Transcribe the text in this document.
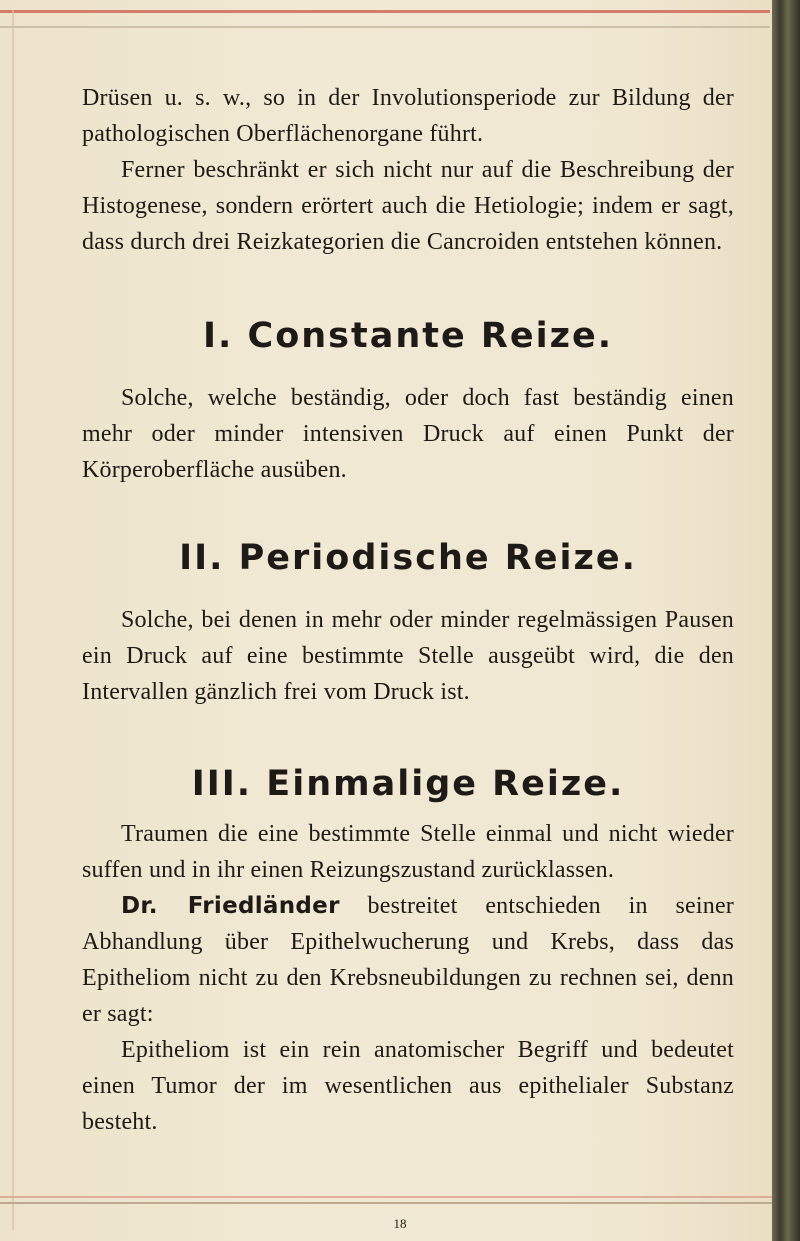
Drüsen u. s. w., so in der Involutionsperiode zur Bildung der pathologischen Oberflächenorgane führt.

Ferner beschränkt er sich nicht nur auf die Beschreibung der Histogenese, sondern erörtert auch die Hetiologie; indem er sagt, dass durch drei Reizkategorien die Cancroiden entstehen können.

I. Constante Reize.

Solche, welche beständig, oder doch fast beständig einen mehr oder minder intensiven Druck auf einen Punkt der Körperoberfläche ausüben.

II. Periodische Reize.

Solche, bei denen in mehr oder minder regelmässigen Pausen ein Druck auf eine bestimmte Stelle ausgeübt wird, die den Intervallen gänzlich frei vom Druck ist.

III. Einmalige Reize.

Traumen die eine bestimmte Stelle einmal und nicht wieder suffen und in ihr einen Reizungszustand zurücklassen.

Dr. Friedländer bestreitet entschieden in seiner Abhandlung über Epithelwucherung und Krebs, dass das Epitheliom nicht zu den Krebsneubildungen zu rechnen sei, denn er sagt:

Epitheliom ist ein rein anatomischer Begriff und bedeutet einen Tumor der im wesentlichen aus epithelialer Substanz besteht.

18
